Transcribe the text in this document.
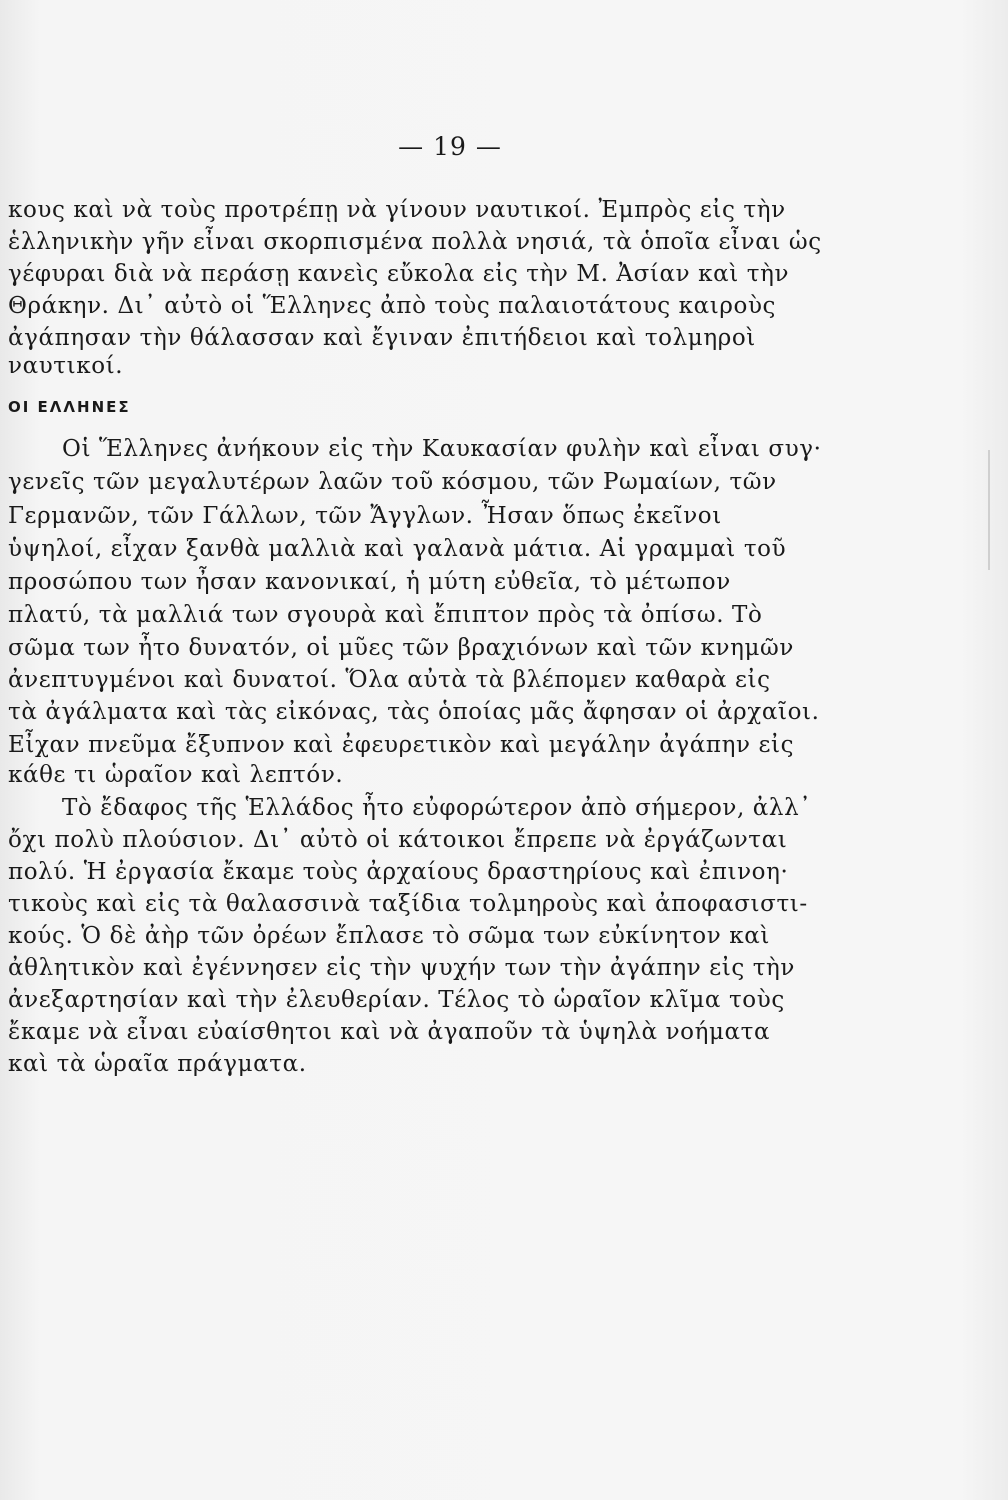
— 19 —
κους καὶ νὰ τοὺς προτρέπῃ νὰ γίνουν ναυτικοί. Ἐμπρὸς εἰς τὴν
ἑλληνικὴν γῆν εἶναι σκορπισμένα πολλὰ νησιά, τὰ ὁποῖα εἶναι ὡς
γέφυραι διὰ νὰ περάσῃ κανεὶς εὔκολα εἰς τὴν Μ. Ἀσίαν καὶ τὴν
Θράκην. Δι᾿ αὐτὸ οἱ Ἕλληνες ἀπὸ τοὺς παλαιοτάτους καιροὺς
ἀγάπησαν τὴν θάλασσαν καὶ ἔγιναν ἐπιτήδειοι καὶ τολμηροὶ
ναυτικοί.
ΟΙ ΕΛΛΗΝΕΣ
Οἱ Ἕλληνες ἀνήκουν εἰς τὴν Καυκασίαν φυλὴν καὶ εἶναι συγ·
γενεῖς τῶν μεγαλυτέρων λαῶν τοῦ κόσμου, τῶν Ρωμαίων, τῶν
Γερμανῶν, τῶν Γάλλων, τῶν Ἄγγλων. Ἦσαν ὅπως ἐκεῖνοι
ὑψηλοί, εἶχαν ξανθὰ μαλλιὰ καὶ γαλανὰ μάτια. Αἱ γραμμαὶ τοῦ
προσώπου των ἦσαν κανονικαί, ἡ μύτη εὐθεῖα, τὸ μέτωπον
πλατύ, τὰ μαλλιά των σγουρὰ καὶ ἔπιπτον πρὸς τὰ ὀπίσω. Τὸ
σῶμα των ἦτο δυνατόν, οἱ μῦες τῶν βραχιόνων καὶ τῶν κνημῶν
ἀνεπτυγμένοι καὶ δυνατοί. Ὅλα αὐτὰ τὰ βλέπομεν καθαρὰ εἰς
τὰ ἀγάλματα καὶ τὰς εἰκόνας, τὰς ὁποίας μᾶς ἄφησαν οἱ ἀρχαῖοι.
Εἶχαν πνεῦμα ἔξυπνον καὶ ἐφευρετικὸν καὶ μεγάλην ἀγάπην εἰς
κάθε τι ὡραῖον καὶ λεπτόν.
Τὸ ἔδαφος τῆς Ἑλλάδος ἦτο εὐφορώτερον ἀπὸ σήμερον, ἀλλ᾿
ὄχι πολὺ πλούσιον. Δι᾿ αὐτὸ οἱ κάτοικοι ἔπρεπε νὰ ἐργάζωνται
πολύ. Ἡ ἐργασία ἔκαμε τοὺς ἀρχαίους δραστηρίους καὶ ἐπινοη·
τικοὺς καὶ εἰς τὰ θαλασσινὰ ταξίδια τολμηροὺς καὶ ἀποφασιστι-
κούς. Ὁ δὲ ἀὴρ τῶν ὀρέων ἔπλασε τὸ σῶμα των εὐκίνητον καὶ
ἀθλητικὸν καὶ ἐγέννησεν εἰς τὴν ψυχήν των τὴν ἀγάπην εἰς τὴν
ἀνεξαρτησίαν καὶ τὴν ἐλευθερίαν. Τέλος τὸ ὡραῖον κλῖμα τοὺς
ἔκαμε νὰ εἶναι εὐαίσθητοι καὶ νὰ ἀγαποῦν τὰ ὑψηλὰ νοήματα
καὶ τὰ ὡραῖα πράγματα.
